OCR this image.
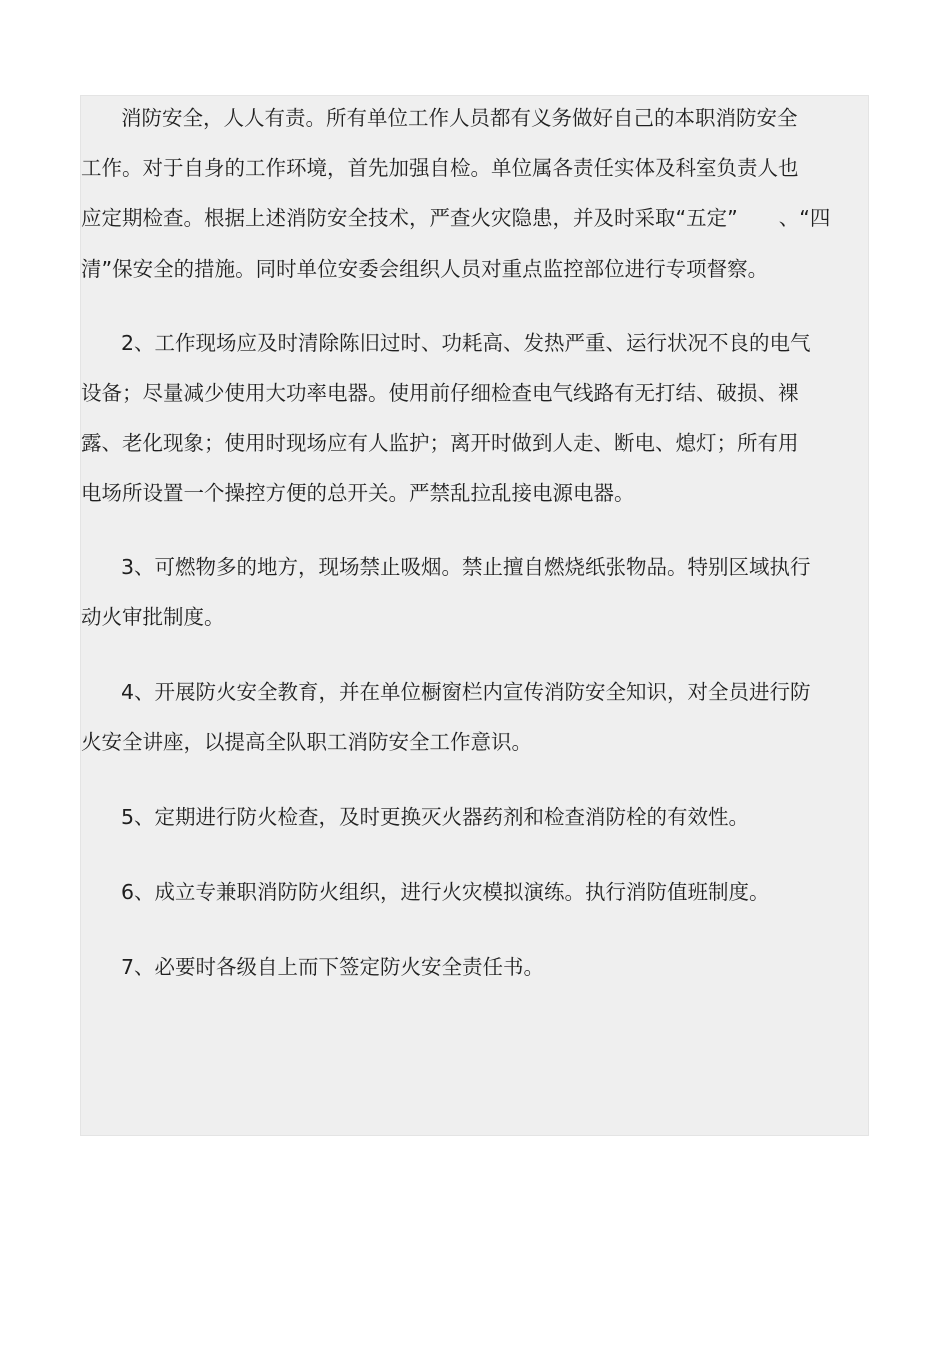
消防安全，人人有责。所有单位工作人员都有义务做好自己的本职消防安全
工作。对于自身的工作环境，首先加强自检。单位属各责任实体及科室负责人也
应定期检查。根据上述消防安全技术，严查火灾隐患，并及时采取“五定”　　、“四
清”保安全的措施。同时单位安委会组织人员对重点监控部位进行专项督察。
2、工作现场应及时清除陈旧过时、功耗高、发热严重、运行状况不良的电气
设备；尽量减少使用大功率电器。使用前仔细检查电气线路有无打结、破损、裸
露、老化现象；使用时现场应有人监护；离开时做到人走、断电、熄灯；所有用
电场所设置一个操控方便的总开关。严禁乱拉乱接电源电器。
3、可燃物多的地方，现场禁止吸烟。禁止擅自燃烧纸张物品。特别区域执行
动火审批制度。
4、开展防火安全教育，并在单位橱窗栏内宣传消防安全知识，对全员进行防
火安全讲座，以提高全队职工消防安全工作意识。
5、定期进行防火检查，及时更换灭火器药剂和检查消防栓的有效性。
6、成立专兼职消防防火组织，进行火灾模拟演练。执行消防值班制度。
7、必要时各级自上而下签定防火安全责任书。
